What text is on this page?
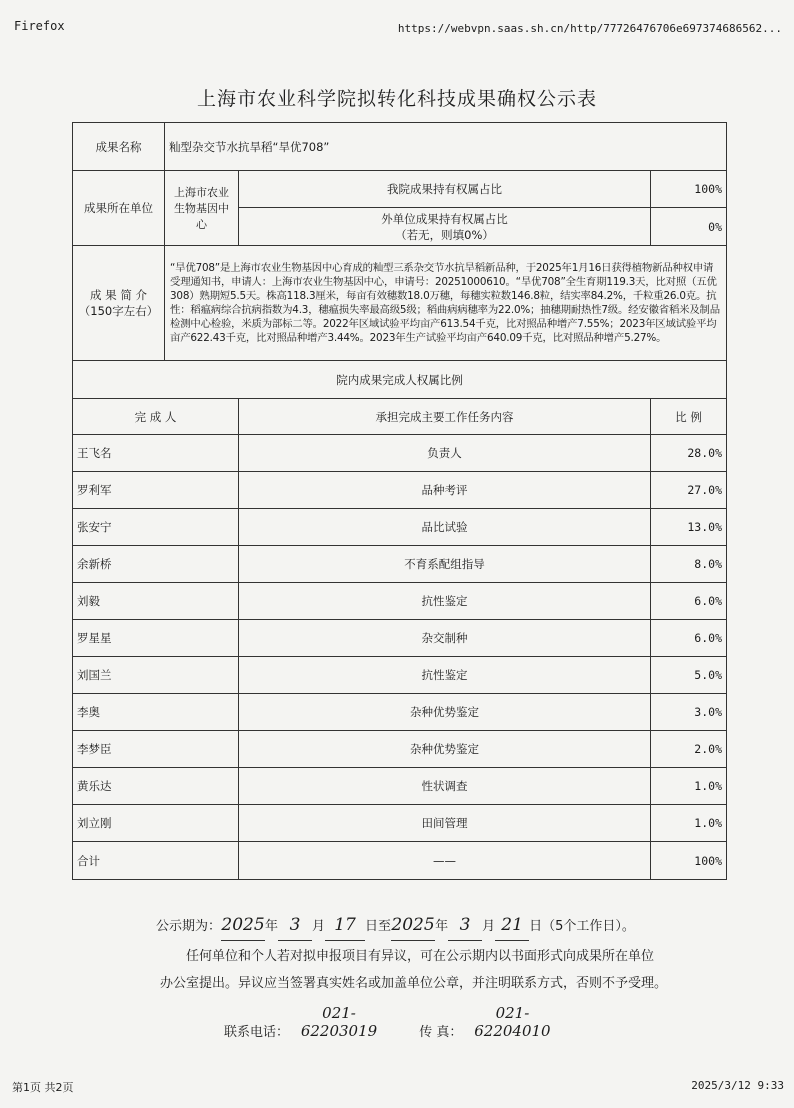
Firefox	https://webvpn.saas.sh.cn/http/77726476706e697374686562...
上海市农业科学院拟转化科技成果确权公示表
成果名称	籼型杂交节水抗旱稻“旱优708”		
成果所在单位	上海市农业生物基因中心	我院成果持有权属占比	100%

		外单位成果持有权属占比
（若无，则填0%）	0%

成 果 简 介
（150字左右）	“旱优708”是上海市农业生物基因中心育成的籼型三系杂交节水抗旱稻新品种，于2025年1月16日获得植物新品种权申请受理通知书，申请人：上海市农业生物基因中心，申请号：20251000610。“旱优708”全生育期119.3天，比对照（五优308）熟期短5.5天。株高118.3厘米，每亩有效穗数18.0万穗，每穗实粒数146.8粒，结实率84.2%，千粒重26.0克。抗性：稻瘟病综合抗病指数为4.3，穗瘟损失率最高级5级；稻曲病病穗率为22.0%；抽穗期耐热性7级。经安徽省稻米及制品检测中心检验，米质为部标二等。2022年区域试验平均亩产613.54千克，比对照品种增产7.55%；2023年区域试验平均亩产622.43千克，比对照品种增产3.44%。2023年生产试验平均亩产640.09千克，比对照品种增产5.27%。		
院内成果完成人权属比例			
完 成 人		承担完成主要工作任务内容	比 例
王飞名		负责人	28.0%
罗利军		品种考评	27.0%
张安宁		品比试验	13.0%
余新桥		不育系配组指导	8.0%
刘毅		抗性鉴定	6.0%
罗星星		杂交制种	6.0%
刘国兰		抗性鉴定	5.0%
李奥		杂种优势鉴定	3.0%
李梦臣		杂种优势鉴定	2.0%
黄乐达		性状调查	1.0%
刘立刚		田间管理	1.0%
合计		——	100%
公示期为：2025年 3 月 17 日至2025年 3 月 21 日（5个工作日）。
任何单位和个人若对拟申报项目有异议，可在公示期内以书面形式向成果所在单位
办公室提出。异议应当签署真实姓名或加盖单位公章，并注明联系方式，否则不予受理。
联系电话：021-62203019	传 真：021-62204010
第1页 共2页	2025/3/12 9:33
